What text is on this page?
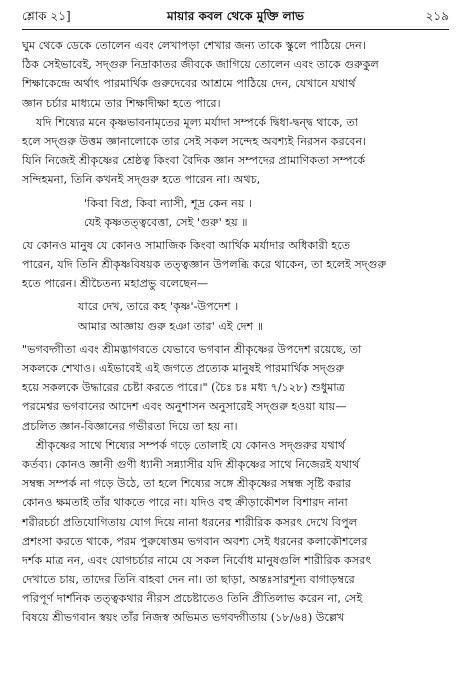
শ্লোক ২১]	মায়ার কবল থেকে মুক্তি লাভ	২১৯
ঘুম থেকে ডেকে তোলেন এবং লেখাপড়া শেখার জন্য তাকে স্কুলে পাঠিয়ে দেন।
ঠিক সেইভাবেই, সদ্গুরু নিদ্রাকাতর জীবকে জাগিয়ে তোলেন এবং তাকে গুরুকুল
শিক্ষাকেন্দ্রে অর্থাৎ পারমার্থিক গুরুদেবের আশ্রমে পাঠিয়ে দেন, যেখানে যথার্থ
জ্ঞান চর্চার মাধ্যমে তার শিক্ষাদীক্ষা হতে পারে।
যদি শিষ্যের মনে কৃষ্ণভাবনামৃতের মূল্য মর্যাদা সম্পর্কে দ্বিধা-দ্বন্দ্ব থাকে, তা
হলে সদ্গুরু উত্তম জ্ঞানালোকে তার সেই সকল সন্দেহ অবশ্যই নিরসন করবেন।
যিনি নিজেই শ্রীকৃষ্ণের শ্রেষ্ঠত্ব কিংবা বৈদিক জ্ঞান সম্পদের প্রামাণিকতা সম্পর্কে
সন্দিহমনা, তিনি কখনই সদ্গুরু হতে পারেন না। অথচ,
'কিবা বিপ্র, কিবা ন্যাসী, শূদ্র কেন নয় ।
যেই কৃষ্ণতত্ত্ববেত্তা, সেই 'গুরু' হয় ॥
যে কোনও মানুষ যে কোনও সামাজিক কিংবা আর্থিক মর্যাদার অধিকারী হতে
পারেন, যদি তিনি শ্রীকৃষ্ণবিষয়ক তত্ত্বজ্ঞান উপলব্ধি করে থাকেন, তা হলেই সদ্গুরু
হতে পারেন। শ্রীচৈতন্য মহাপ্রভু বলেছেন—
যারে দেখ, তারে কহ 'কৃষ্ণ'-উপদেশ ।
আমার আজ্ঞায় গুরু হঞা তার' এই দেশ ॥
"ভগবদ্গীতা এবং শ্রীমদ্ভাগবতে যেভাবে ভগবান শ্রীকৃষ্ণের উপদেশ রয়েছে, তা
সকলকে শেখাও। এইভাবেই এই জগতে প্রত্যেক মানুষই পারমার্থিক সদ্গুরু
হয়ে সকলকে উদ্ধারের চেষ্টা করতে পারে।" (চৈঃ চঃ মধ্য ৭/১২৮) শুধুমাত্র
পরমেশ্বর ভগবানের আদেশ এবং অনুশাসন অনুসারেই সদ্গুরু হওয়া যায়—
প্রচলিত জ্ঞান-বিজ্ঞানের গভীরতা দিয়ে তা হয় না।
শ্রীকৃষ্ণের সাথে শিষ্যের সম্পর্ক গড়ে তোলাই যে কোনও সদ্গুরুর যথার্থ
কর্তব্য। কোনও জ্ঞানী গুণী ধ্যানী সন্ন্যাসীর যদি শ্রীকৃষ্ণের সাথে নিজেরই যথার্থ
সম্বন্ধ সম্পর্ক না গড়ে উঠে, তা হলে শিষ্যের সঙ্গে শ্রীকৃষ্ণের সম্বন্ধ সৃষ্টি করার
কোনও ক্ষমতাই তাঁর থাকতে পারে না। যদিও বহু ক্রীড়াকৌশল বিশারদ নানা
শরীরচর্চা প্রতিযোগিতায় যোগ দিয়ে নানা ধরনের শারীরিক কসরৎ দেখে বিপুল
প্রশংসা করতে থাকে, পরম পুরুষোত্তম ভগবান অবশ্য সেই ধরনের কলাকৌশলের
দর্শক মাত্র নন, এবং যোগচর্চার নামে যে সকল নির্বোধ মানুষগুলি শারীরিক কসরৎ
দেখাতে চায়, তাদের তিনি বাহবা দেন না। তা ছাড়া, অন্তঃসারশূন্য বাগাড়ম্বরে
পরিপূর্ণ দার্শনিক তত্ত্বকথার নীরস প্রচেষ্টাতেও তিনি প্রীতিলাভ করেন না, সেই
বিষয়ে শ্রীভগবান স্বয়ং তাঁর নিজস্ব অভিমত ভগবদ্গীতায় (১৮/৬৪) উল্লেখ
